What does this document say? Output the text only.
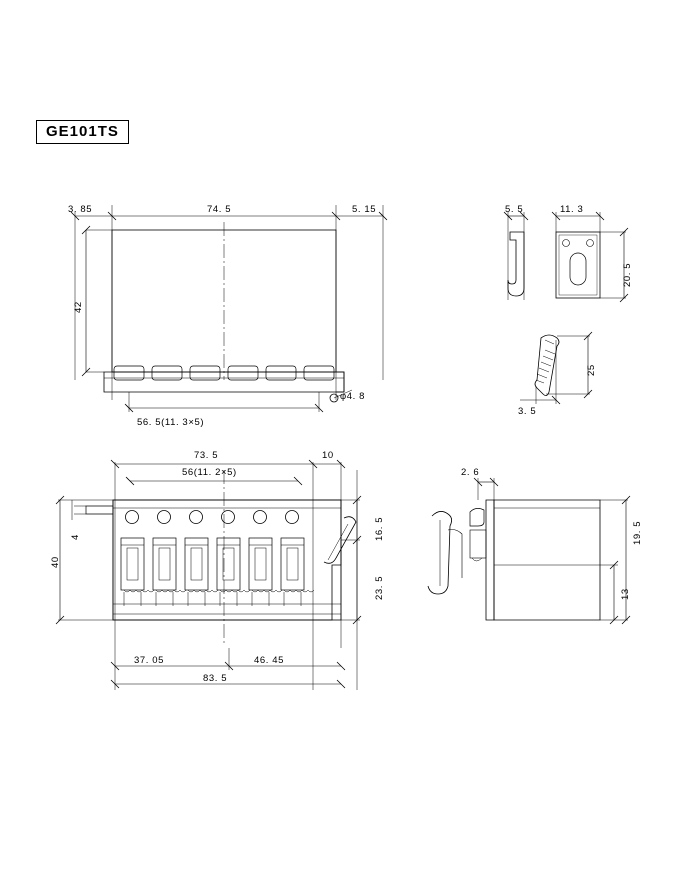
GE101TS
3. 85	74. 5	5. 15
42
56. 5(11. 3×5)
φ4. 8
73. 5
56(11. 2×5)
10
16. 5
23. 5
4
40
37. 05	46. 45
83. 5
5. 5	11. 3
20. 5
25
3. 5
2. 6
19. 5
13
